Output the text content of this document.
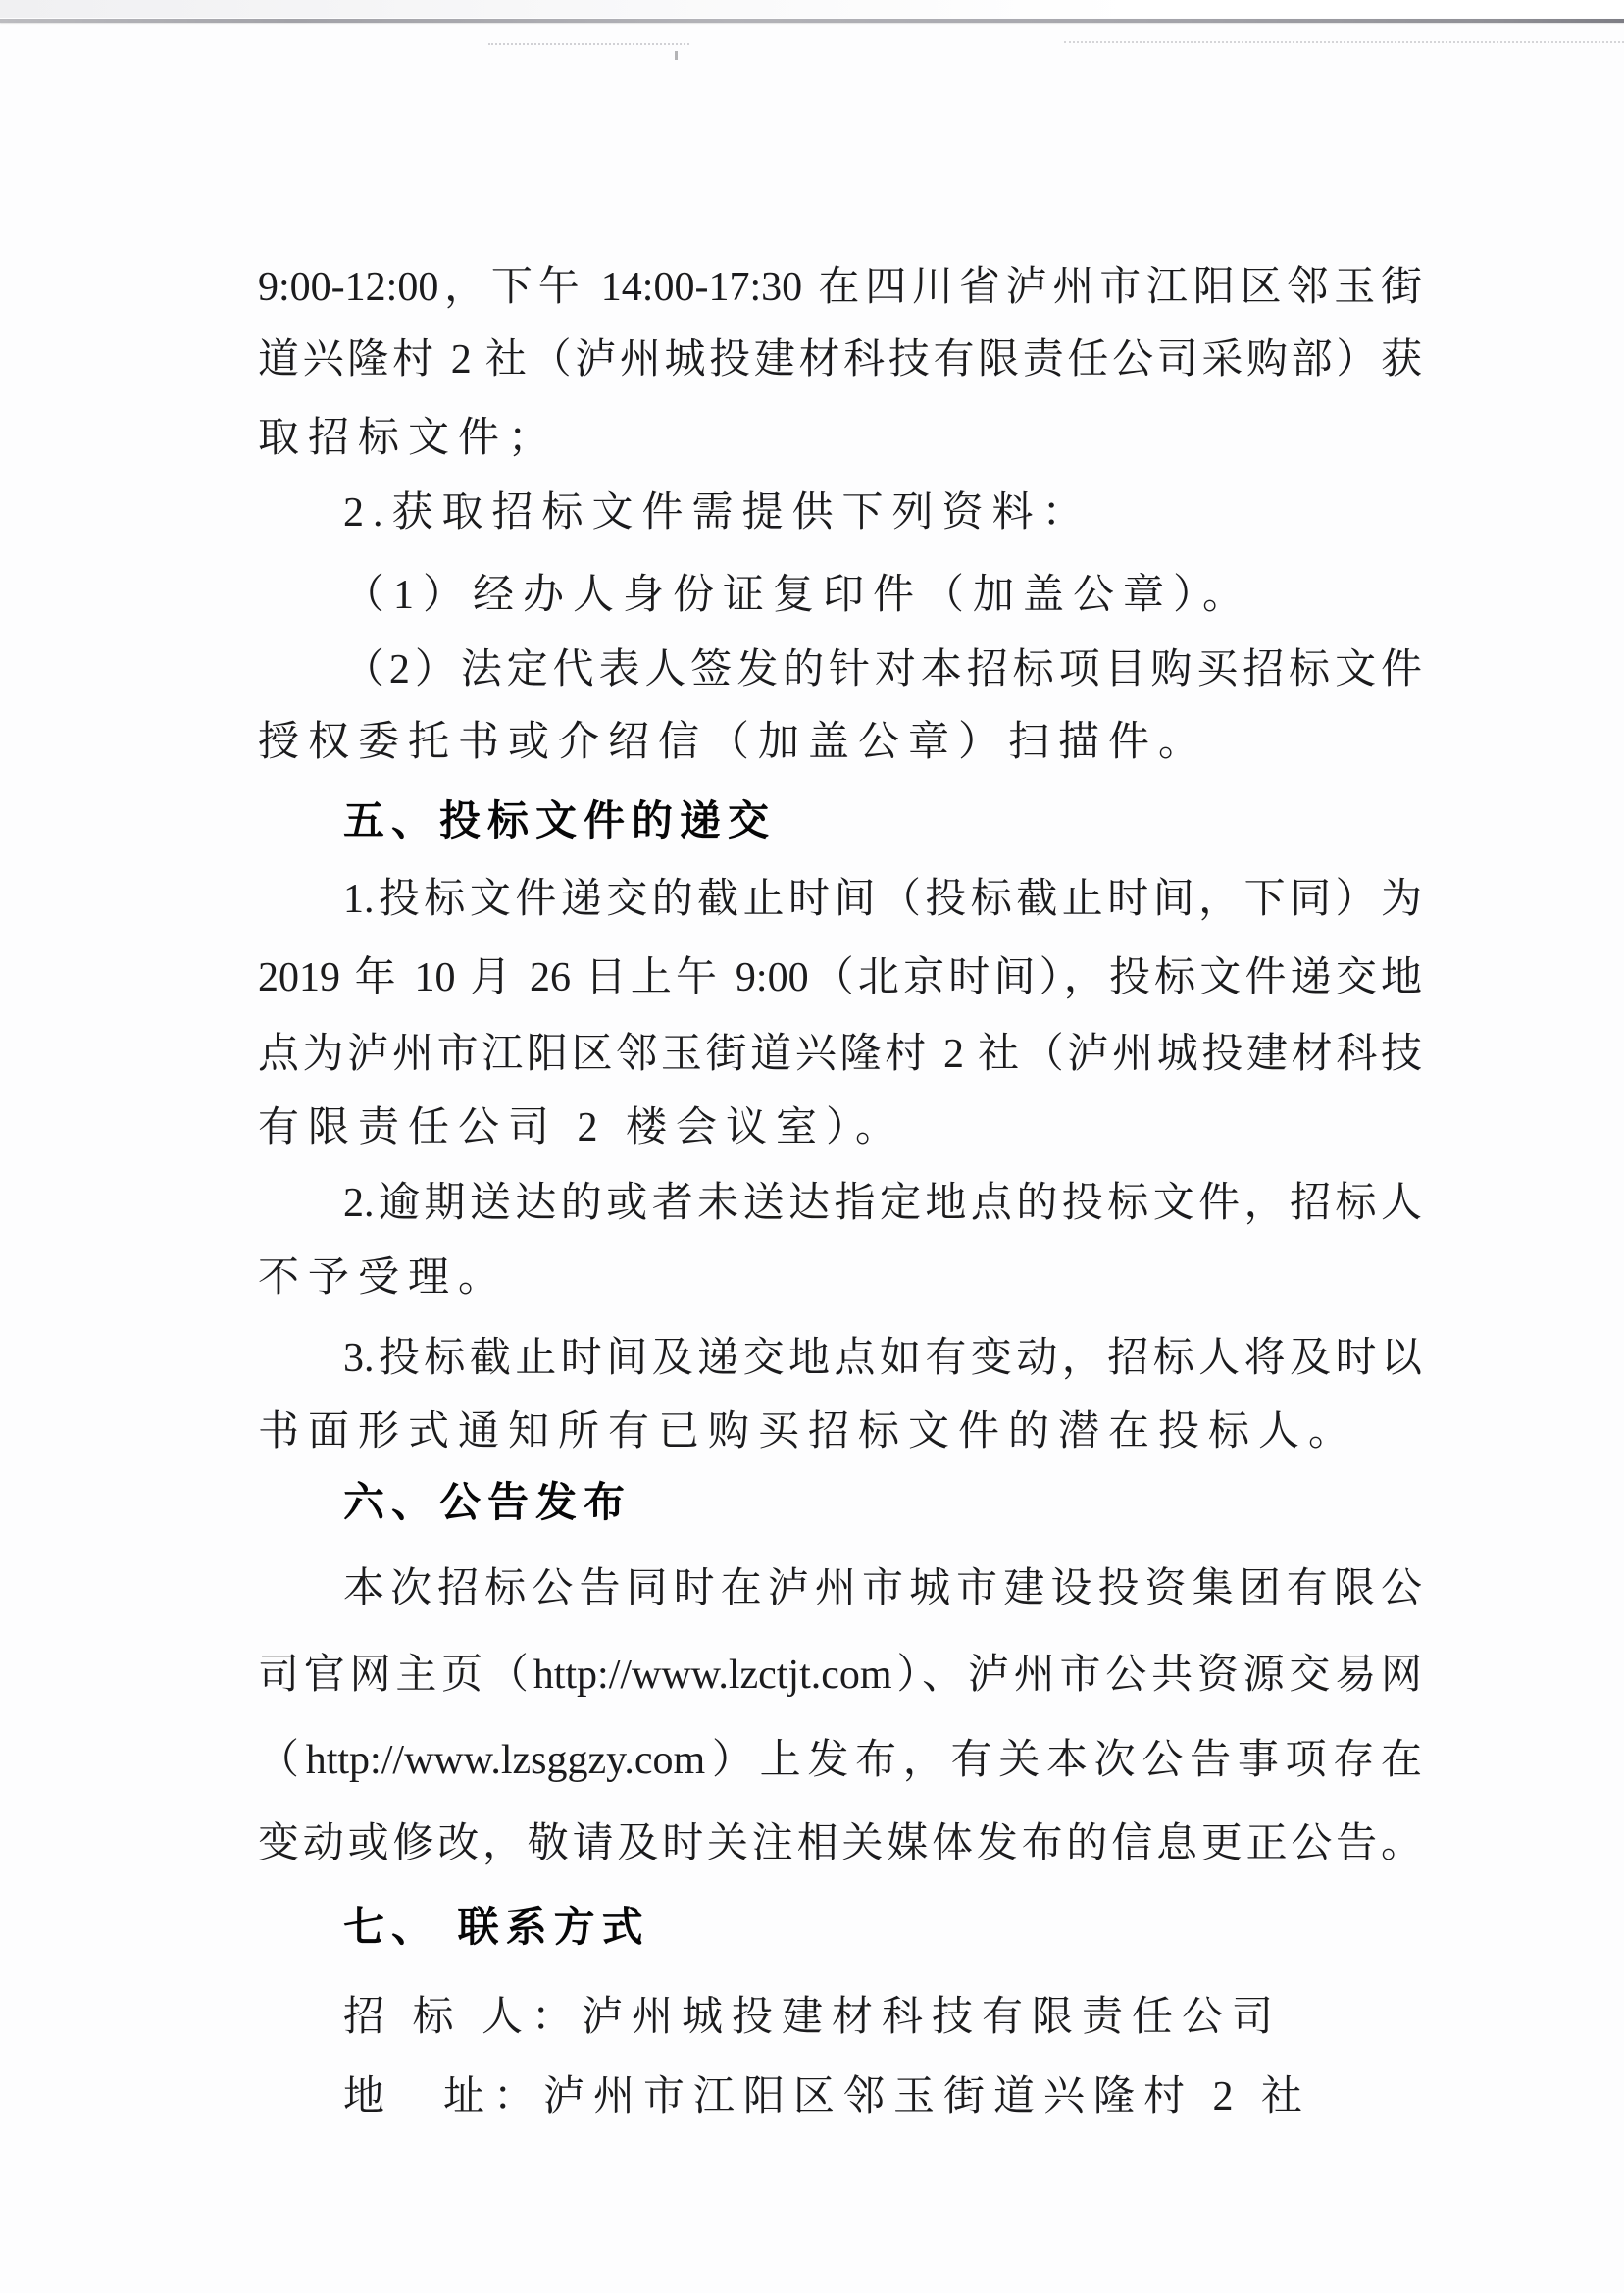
9:00-12:00，下午 14:00-17:30 在四川省泸州市江阳区邻玉街
道兴隆村 2 社（泸州城投建材科技有限责任公司采购部）获
取招标文件；
2.获取招标文件需提供下列资料：
（1）经办人身份证复印件（加盖公章）。
（2）法定代表人签发的针对本招标项目购买招标文件
授权委托书或介绍信（加盖公章）扫描件。
五、投标文件的递交
1.投标文件递交的截止时间（投标截止时间，下同）为
2019 年 10 月 26 日上午 9:00（北京时间），投标文件递交地
点为泸州市江阳区邻玉街道兴隆村 2 社（泸州城投建材科技
有限责任公司 2 楼会议室）。
2.逾期送达的或者未送达指定地点的投标文件，招标人
不予受理。
3.投标截止时间及递交地点如有变动，招标人将及时以
书面形式通知所有已购买招标文件的潜在投标人。
六、公告发布
本次招标公告同时在泸州市城市建设投资集团有限公
司官网主页（http://www.lzctjt.com）、泸州市公共资源交易网
（http://www.lzsggzy.com）上发布，有关本次公告事项存在
变动或修改，敬请及时关注相关媒体发布的信息更正公告。
七、 联系方式
招 标 人：泸州城投建材科技有限责任公司
地　址：泸州市江阳区邻玉街道兴隆村 2 社
